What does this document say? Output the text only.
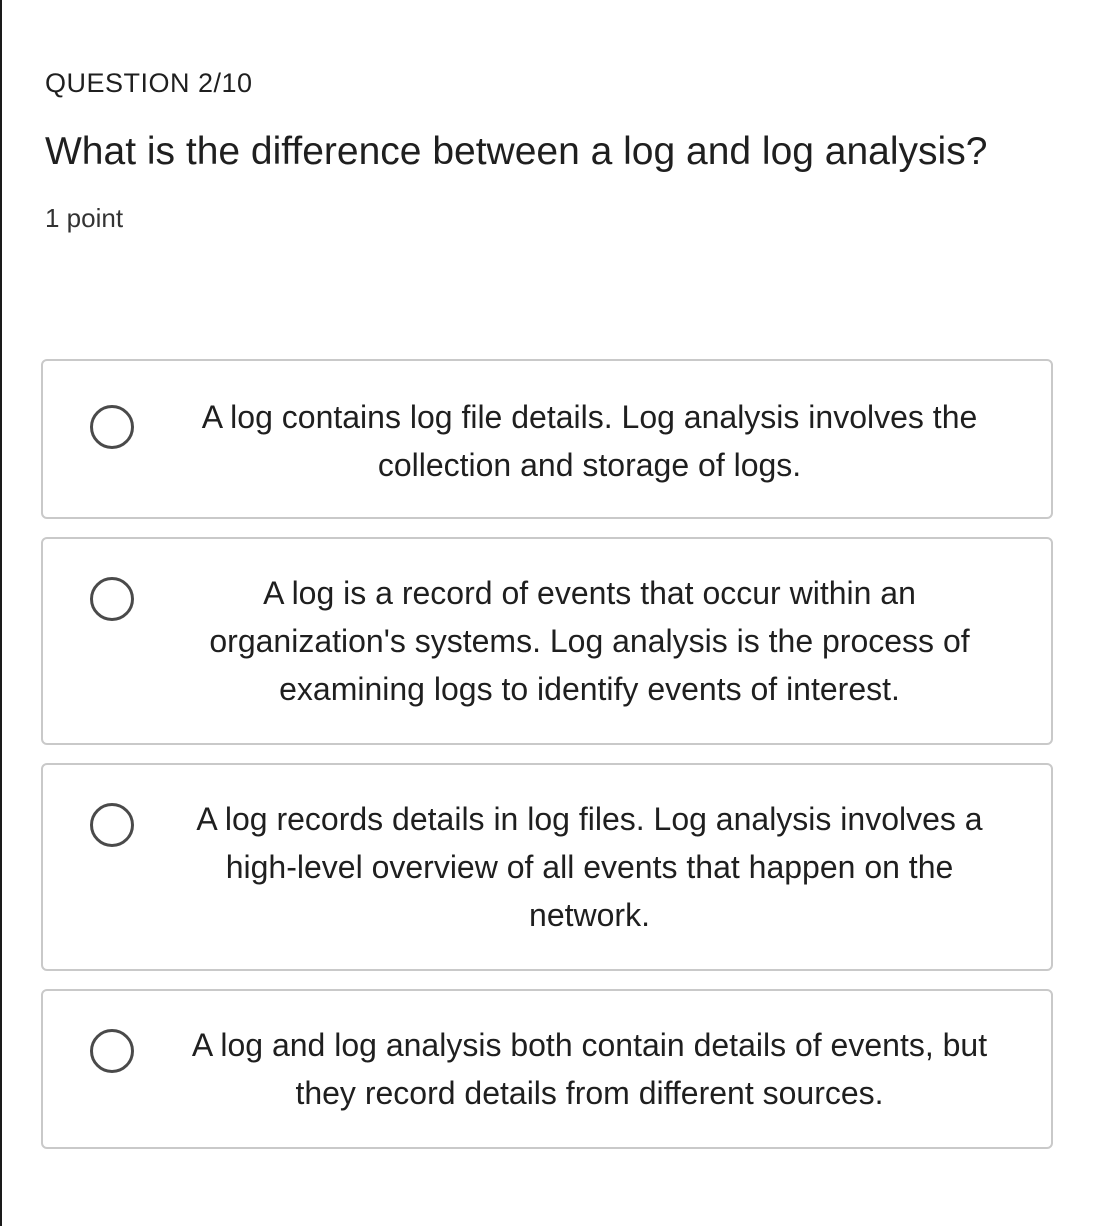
QUESTION 2/10
What is the difference between a log and log analysis?
1 point
A log contains log file details. Log analysis involves the collection and storage of logs.
A log is a record of events that occur within an organization's systems. Log analysis is the process of examining logs to identify events of interest.
A log records details in log files. Log analysis involves a high-level overview of all events that happen on the network.
A log and log analysis both contain details of events, but they record details from different sources.
